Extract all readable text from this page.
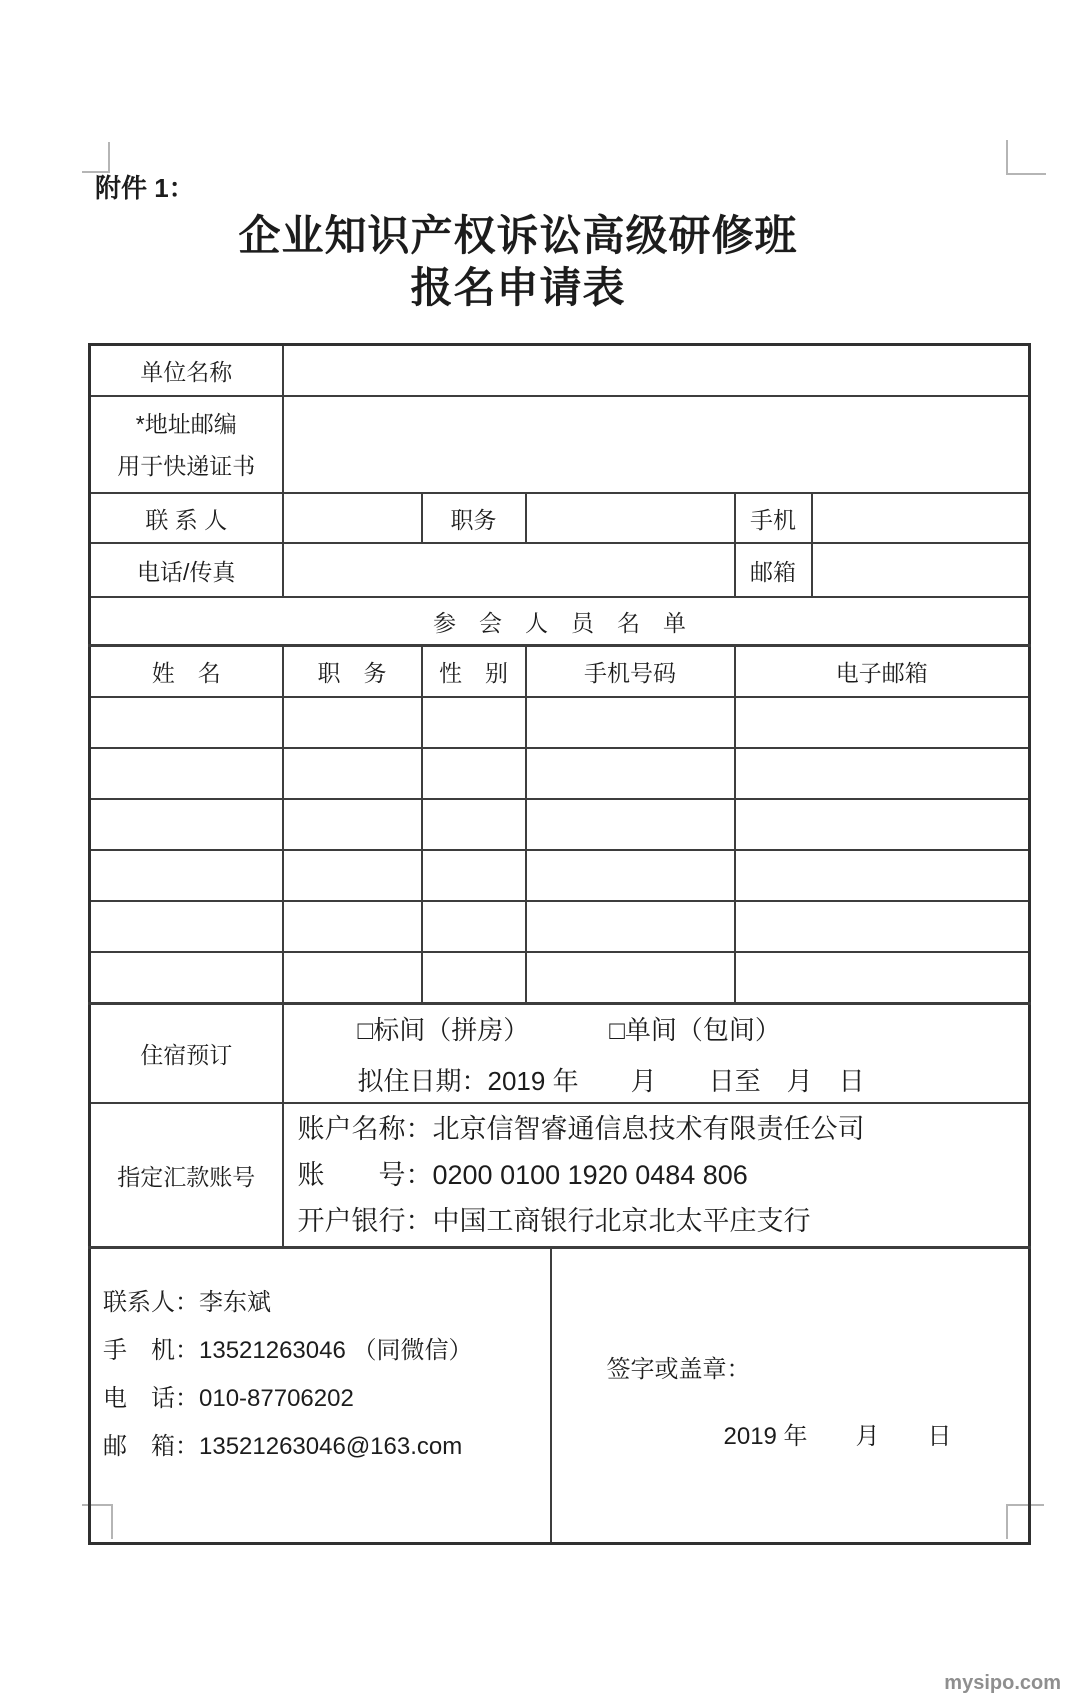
附件 1：
企业知识产权诉讼高级研修班
报名申请表
单位名称						

*地址邮编
用于快递证书						

联 系 人		职务			手机	
电话/传真					邮箱	
参　会　人　员　名　单						
姓　名	职　务	性　别	手机号码		电子邮箱	

住宿预订	□标间（拼房） □单间（包间）
拟住日期：2019 年　　月　　日至　月　日					

指定汇款账号	账户名称：北京信智睿通信息技术有限责任公司
账　　号：0200 0100 1920 0484 806
开户银行：中国工商银行北京北太平庄支行					

联系人：李东斌
手　机：13521263046 （同微信）
电　话：010-87706202
邮　箱：13521263046@163.com

签字或盖章：
2019 年　　月　　日
mysipo.com
